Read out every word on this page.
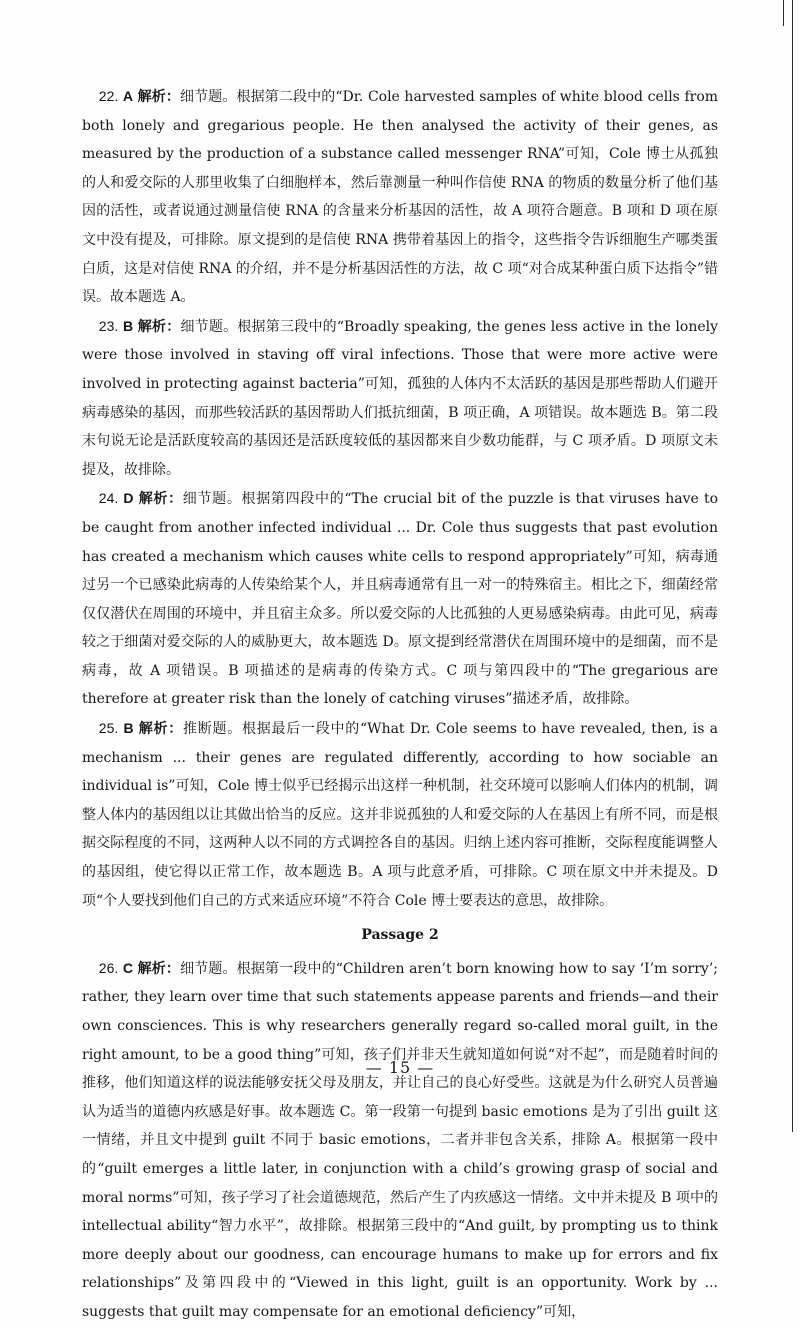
  22. A 解析：细节题。根据第二段中的“Dr. Cole harvested samples of white blood cells from both lonely and gregarious people. He then analysed the activity of their genes, as measured by the production of a substance called messenger RNA”可知，Cole 博士从孤独的人和爱交际的人那里收集了白细胞样本，然后靠测量一种叫作信使 RNA 的物质的数量分析了他们基因的活性，或者说通过测量信使 RNA 的含量来分析基因的活性，故 A 项符合题意。B 项和 D 项在原文中没有提及，可排除。原文提到的是信使 RNA 携带着基因上的指令，这些指令告诉细胞生产哪类蛋白质，这是对信使 RNA 的介绍，并不是分析基因活性的方法，故 C 项“对合成某种蛋白质下达指令”错误。故本题选 A。

  23. B 解析：细节题。根据第三段中的“Broadly speaking, the genes less active in the lonely were those involved in staving off viral infections. Those that were more active were involved in protecting against bacteria”可知，孤独的人体内不太活跃的基因是那些帮助人们避开病毒感染的基因，而那些较活跃的基因帮助人们抵抗细菌，B 项正确，A 项错误。故本题选 B。第二段末句说无论是活跃度较高的基因还是活跃度较低的基因都来自少数功能群，与 C 项矛盾。D 项原文未提及，故排除。

  24. D 解析：细节题。根据第四段中的“The crucial bit of the puzzle is that viruses have to be caught from another infected individual ... Dr. Cole thus suggests that past evolution has created a mechanism which causes white cells to respond appropriately”可知，病毒通过另一个已感染此病毒的人传染给某个人，并且病毒通常有且一对一的特殊宿主。相比之下，细菌经常仅仅潜伏在周围的环境中，并且宿主众多。所以爱交际的人比孤独的人更易感染病毒。由此可见，病毒较之于细菌对爱交际的人的威胁更大，故本题选 D。原文提到经常潜伏在周围环境中的是细菌，而不是病毒，故 A 项错误。B 项描述的是病毒的传染方式。C 项与第四段中的“The gregarious are therefore at greater risk than the lonely of catching viruses”描述矛盾，故排除。

  25. B 解析：推断题。根据最后一段中的“What Dr. Cole seems to have revealed, then, is a mechanism ... their genes are regulated differently, according to how sociable an individual is”可知，Cole 博士似乎已经揭示出这样一种机制，社交环境可以影响人们体内的机制，调整人体内的基因组以让其做出恰当的反应。这并非说孤独的人和爱交际的人在基因上有所不同，而是根据交际程度的不同，这两种人以不同的方式调控各自的基因。归纳上述内容可推断，交际程度能调整人的基因组，使它得以正常工作，故本题选 B。A 项与此意矛盾，可排除。C 项在原文中并未提及。D 项“个人要找到他们自己的方式来适应环境”不符合 Cole 博士要表达的意思，故排除。

Passage 2

  26. C 解析：细节题。根据第一段中的“Children aren’t born knowing how to say ‘I’m sorry’; rather, they learn over time that such statements appease parents and friends—and their own consciences. This is why researchers generally regard so-called moral guilt, in the right amount, to be a good thing”可知，孩子们并非天生就知道如何说“对不起”，而是随着时间的推移，他们知道这样的说法能够安抚父母及朋友，并让自己的良心好受些。这就是为什么研究人员普遍认为适当的道德内疚感是好事。故本题选 C。第一段第一句提到 basic emotions 是为了引出 guilt 这一情绪，并且文中提到 guilt 不同于 basic emotions，二者并非包含关系，排除 A。根据第一段中的“guilt emerges a little later, in conjunction with a child’s growing grasp of social and moral norms”可知，孩子学习了社会道德规范，然后产生了内疚感这一情绪。文中并未提及 B 项中的 intellectual ability“智力水平”，故排除。根据第三段中的“And guilt, by prompting us to think more deeply about our goodness, can encourage humans to make up for errors and fix relationships”及第四段中的“Viewed in this light, guilt is an opportunity. Work by ... suggests that guilt may compensate for an emotional deficiency”可知，

— 15 —
